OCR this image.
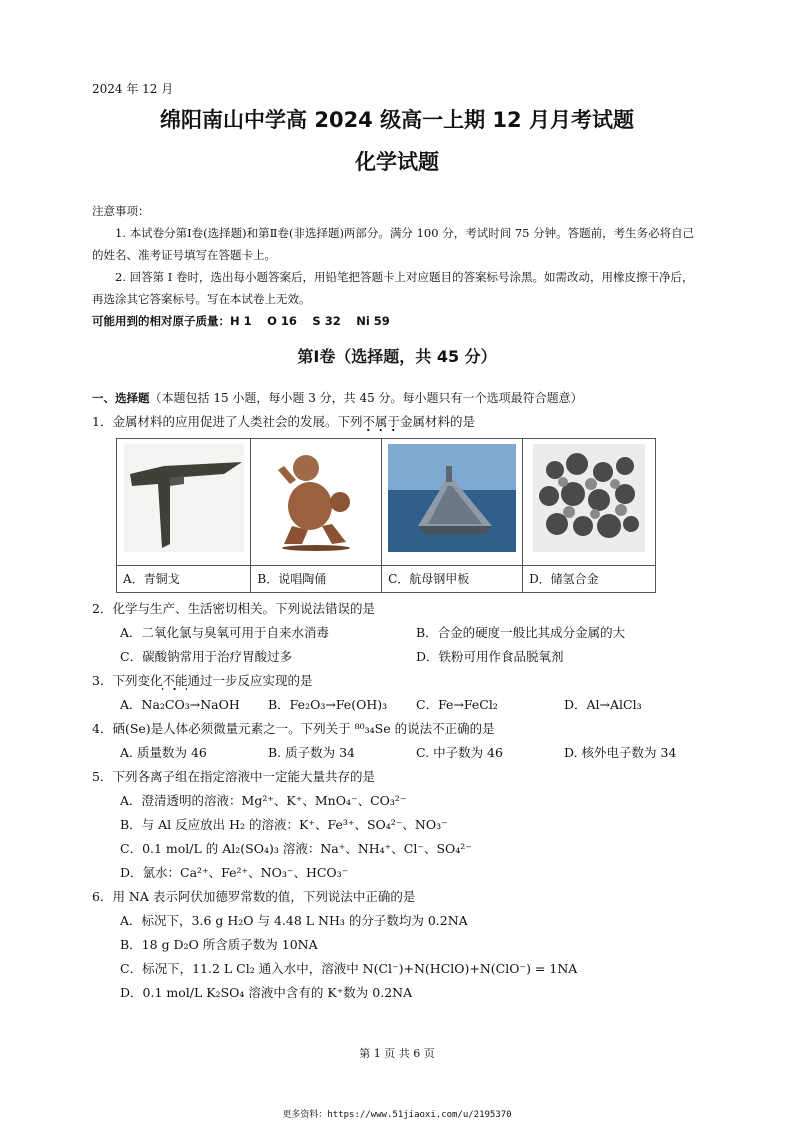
2024 年 12 月
绵阳南山中学高 2024 级高一上期 12 月月考试题
化学试题

注意事项：

1. 本试卷分第Ⅰ卷(选择题)和第Ⅱ卷(非选择题)两部分。满分 100 分，考试时间 75 分钟。答题前，考生务必将自己的姓名、准考证号填写在答题卡上。

2. 回答第 Ⅰ 卷时，选出每小题答案后，用铅笔把答题卡上对应题目的答案标号涂黑。如需改动，用橡皮擦干净后，再选涂其它答案标号。写在本试卷上无效。

可能用到的相对原子质量：H 1　 O 16　 S 32　 Ni 59

第Ⅰ卷（选择题，共 45 分）

一、选择题（本题包括 15 小题，每小题 3 分，共 45 分。每小题只有一个选项最符合题意）

1．金属材料的应用促进了人类社会的发展。下列不属于金属材料的是

A．青铜戈	B．说唱陶俑	C．航母钢甲板	D．储氢合金

2．化学与生产、生活密切相关。下列说法错误的是

A．二氧化氯与臭氧可用于自来水消毒	B．合金的硬度一般比其成分金属的大
C．碳酸钠常用于治疗胃酸过多	D．铁粉可用作食品脱氧剂

3．下列变化不能通过一步反应实现的是

A．Na₂CO₃→NaOH	B．Fe₂O₃→Fe(OH)₃	C．Fe→FeCl₂	D．Al→AlCl₃

4．硒(Se)是人体必须微量元素之一。下列关于 ⁸⁰₃₄Se 的说法不正确的是

A. 质量数为 46	B. 质子数为 34	C. 中子数为 46	D. 核外电子数为 34

5．下列各离子组在指定溶液中一定能大量共存的是

A．澄清透明的溶液：Mg²⁺、K⁺、MnO₄⁻、CO₃²⁻

B．与 Al 反应放出 H₂ 的溶液：K⁺、Fe³⁺、SO₄²⁻、NO₃⁻

C．0.1 mol/L 的 Al₂(SO₄)₃ 溶液：Na⁺、NH₄⁺、Cl⁻、SO₄²⁻

D．氯水：Ca²⁺、Fe²⁺、NO₃⁻、HCO₃⁻

6．用 NA 表示阿伏加德罗常数的值，下列说法中正确的是

A．标况下，3.6 g H₂O 与 4.48 L NH₃ 的分子数均为 0.2NA

B．18 g D₂O 所含质子数为 10NA

C．标况下，11.2 L Cl₂ 通入水中，溶液中 N(Cl⁻)+N(HClO)+N(ClO⁻) = 1NA

D．0.1 mol/L K₂SO₄ 溶液中含有的 K⁺数为 0.2NA

第 1 页 共 6 页
更多资料：https://www.51jiaoxi.com/u/2195370
